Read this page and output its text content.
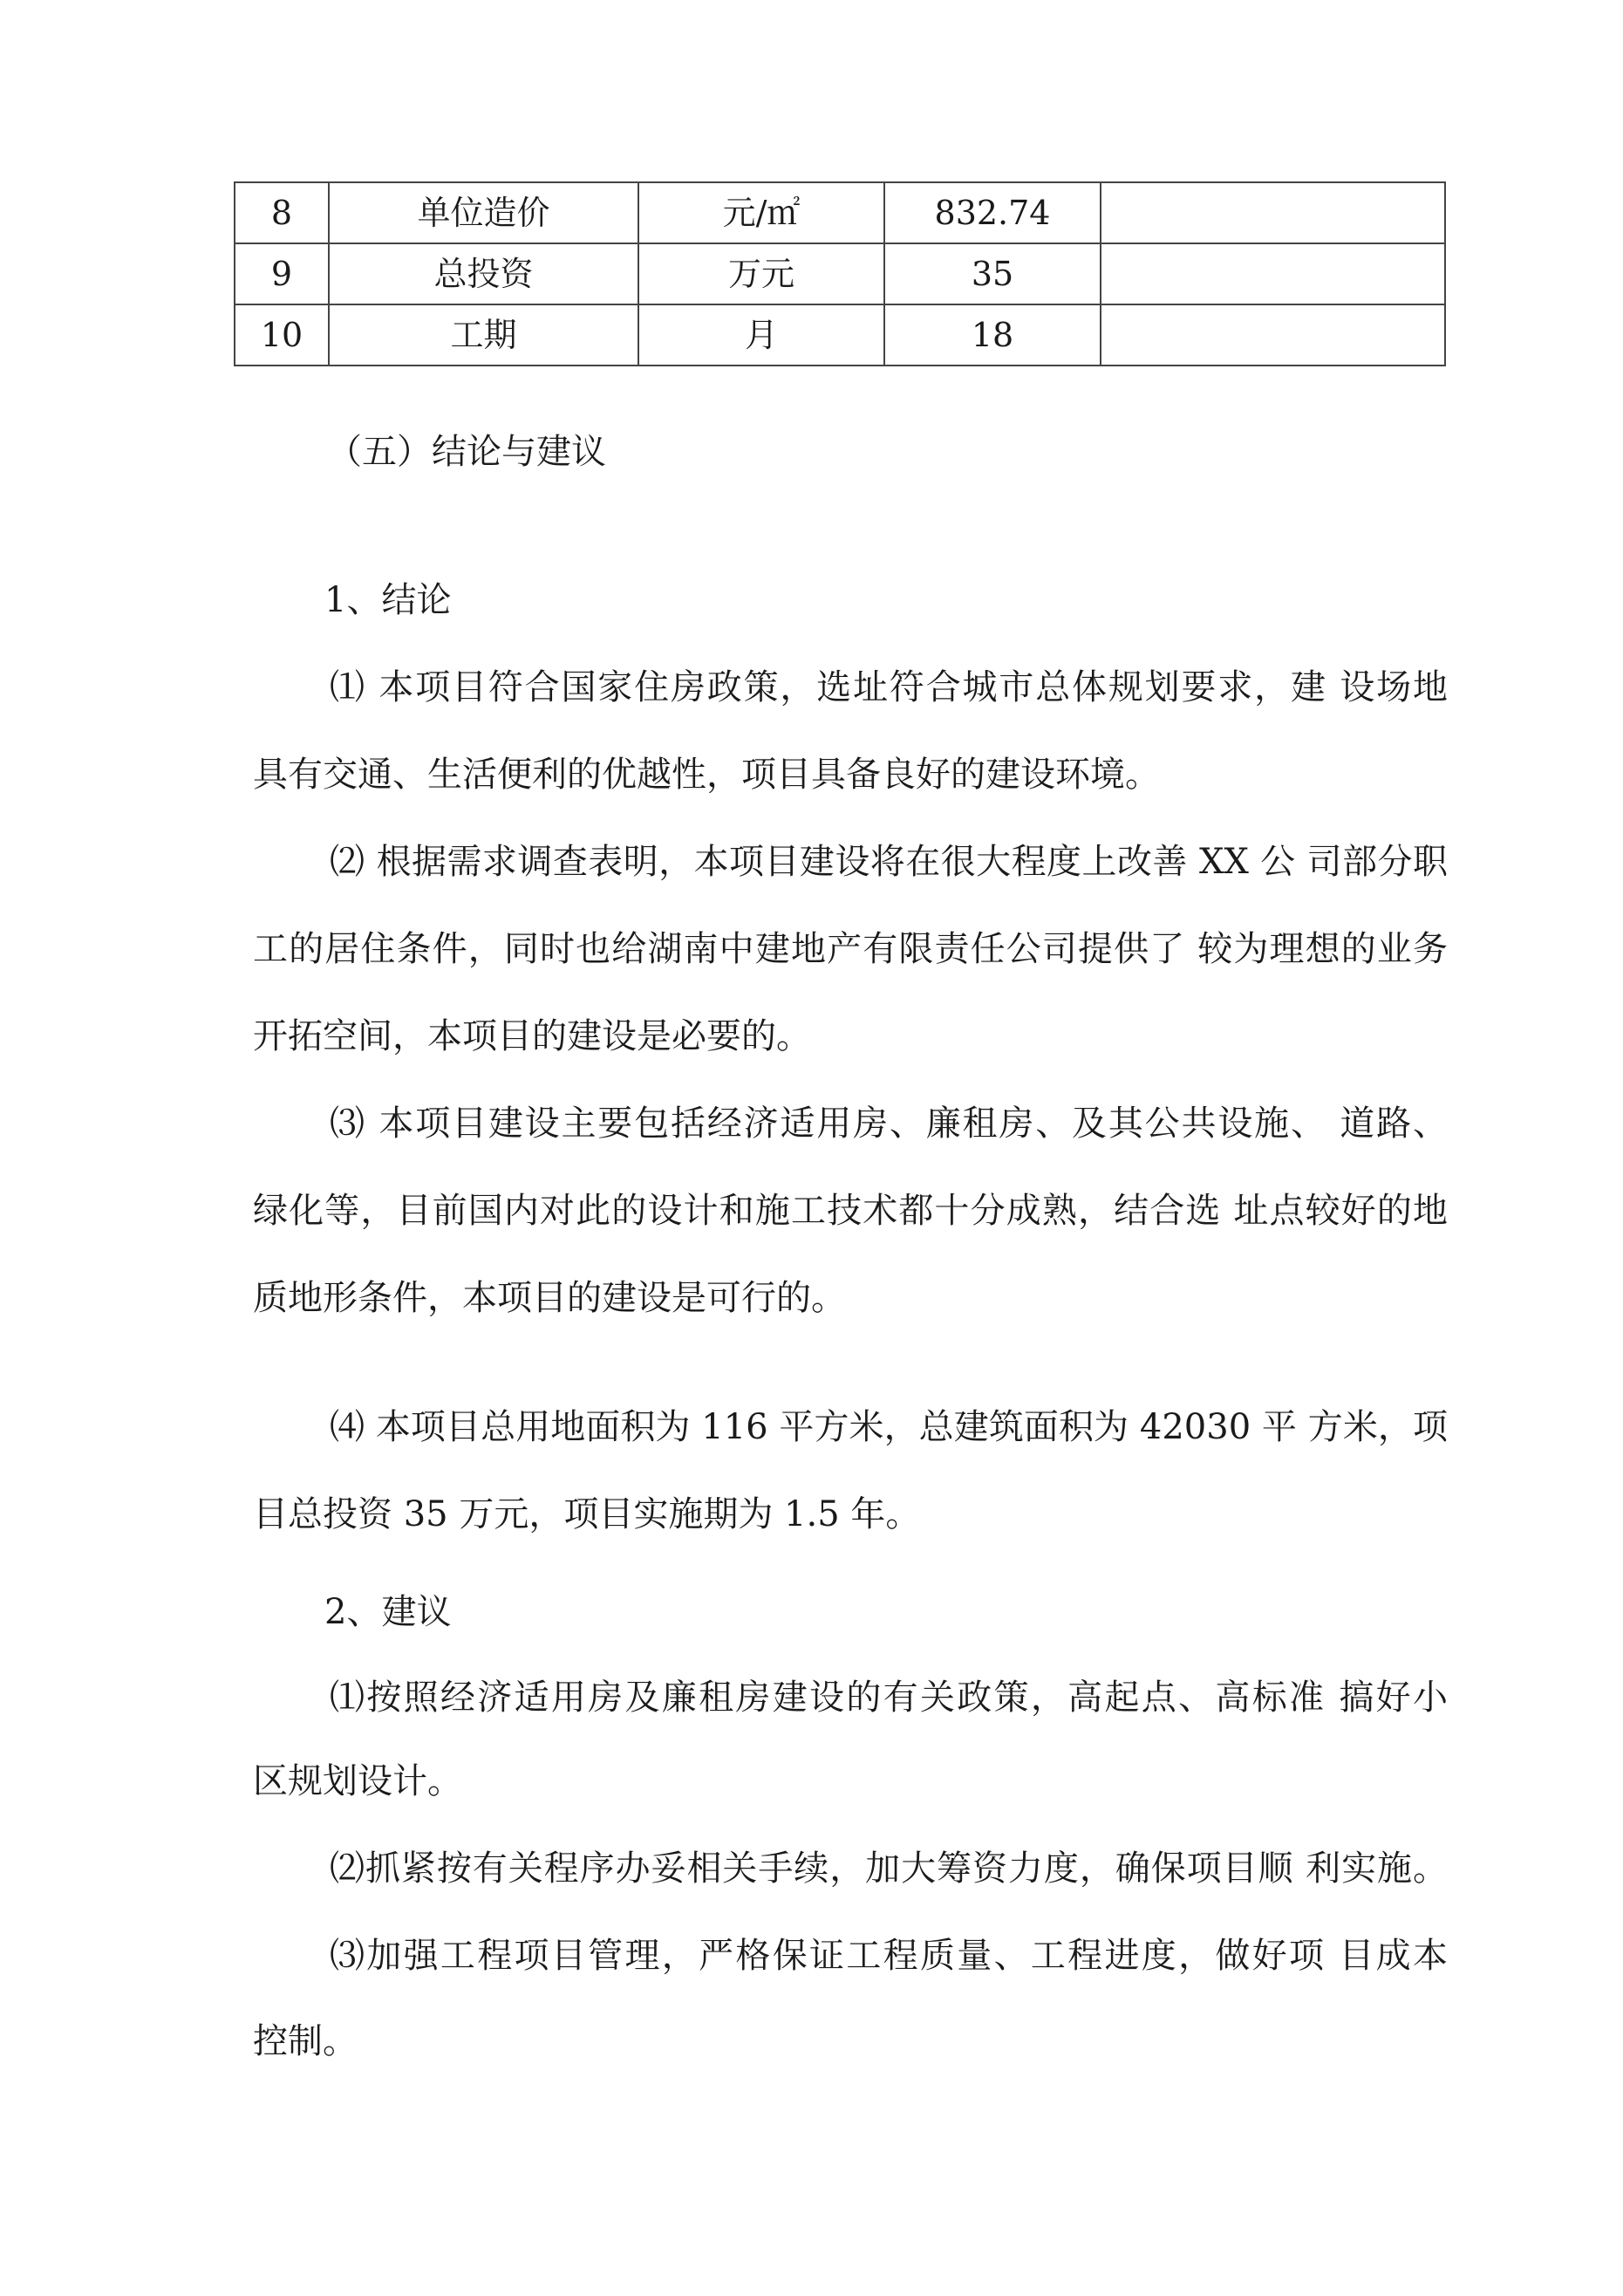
8	单位造价	元/㎡	832.74	
9	总投资	万元	35	
10	工期	月	18	
（五）结论与建议
1、结论
⑴ 本项目符合国家住房政策，选址符合城市总体规划要求，建 设场地
具有交通、生活便利的优越性，项目具备良好的建设环境。
⑵ 根据需求调查表明，本项目建设将在很大程度上改善 XX 公 司部分职
工的居住条件，同时也给湖南中建地产有限责任公司提供了 较为理想的业务
开拓空间，本项目的建设是必要的。
⑶ 本项目建设主要包括经济适用房、廉租房、及其公共设施、 道路、
绿化等，目前国内对此的设计和施工技术都十分成熟，结合选 址点较好的地
质地形条件，本项目的建设是可行的。
⑷ 本项目总用地面积为 116 平方米，总建筑面积为 42030 平 方米，项
目总投资 35 万元，项目实施期为 1.5 年。
2、建议
⑴按照经济适用房及廉租房建设的有关政策，高起点、高标准 搞好小
区规划设计。
⑵抓紧按有关程序办妥相关手续，加大筹资力度，确保项目顺 利实施。
⑶加强工程项目管理，严格保证工程质量、工程进度，做好项 目成本
控制。
